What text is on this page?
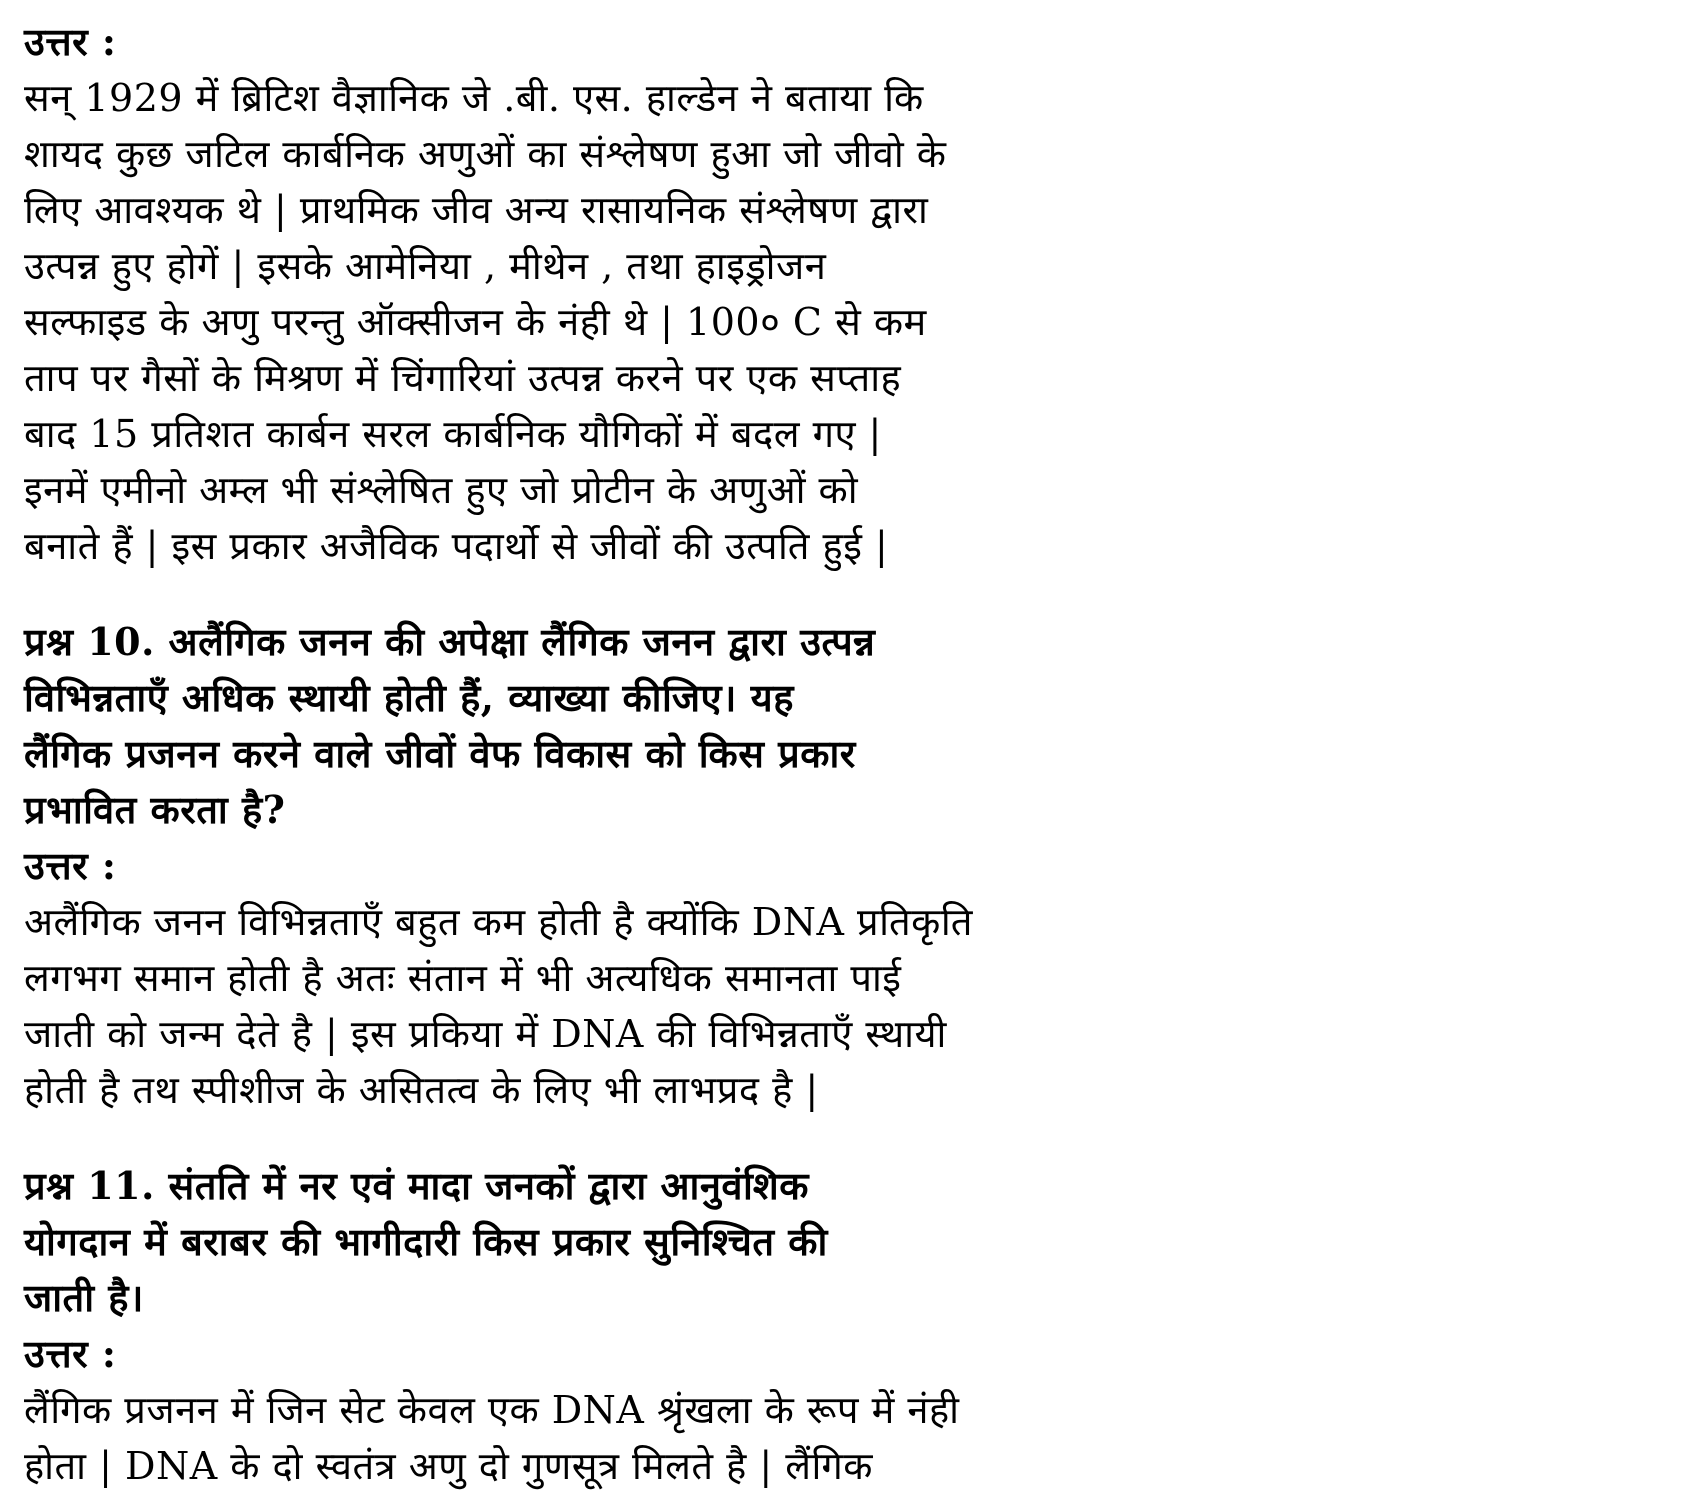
उत्तर :
सन् 1929 में ब्रिटिश वैज्ञानिक जे .बी. एस. हाल्डेन ने बताया कि
शायद कुछ जटिल कार्बनिक अणुओं का संश्लेषण हुआ जो जीवो के
लिए आवश्यक थे | प्राथमिक जीव अन्य रासायनिक संश्लेषण द्वारा
उत्पन्न हुए होगें | इसके आमेनिया , मीथेन , तथा हाइड्रोजन
सल्फाइड के अणु परन्तु ऑक्सीजन के नंही थे | 100० C से कम
ताप पर गैसों के मिश्रण में चिंगारियां उत्पन्न करने पर एक सप्ताह
बाद 15 प्रतिशत कार्बन सरल कार्बनिक यौगिकों में बदल गए |
इनमें एमीनो अम्ल भी संश्लेषित हुए जो प्रोटीन के अणुओं को
बनाते हैं | इस प्रकार अजैविक पदार्थो से जीवों की उत्पति हुई |
प्रश्न 10. अलैंगिक जनन की अपेक्षा लैंगिक जनन द्वारा उत्पन्न
विभिन्नताएँ अधिक स्थायी होती हैं, व्याख्या कीजिए। यह
लैंगिक प्रजनन करने वाले जीवों वेफ विकास को किस प्रकार
प्रभावित करता है?
उत्तर :
अलैंगिक जनन विभिन्नताएँ बहुत कम होती है क्योंकि DNA प्रतिकृति
लगभग समान होती है अतः संतान में भी अत्यधिक समानता पाई
जाती को जन्म देते है | इस प्रकिया में DNA की विभिन्नताएँ स्थायी
होती है तथ स्पीशीज के असितत्व के लिए भी लाभप्रद है |
प्रश्न 11. संतति में नर एवं मादा जनकों द्वारा आनुवंशिक
योगदान में बराबर की भागीदारी किस प्रकार सुनिश्चित की
जाती है।
उत्तर :
लैंगिक प्रजनन में जिन सेट केवल एक DNA श्रृंखला के रूप में नंही
होता | DNA के दो स्वतंत्र अणु दो गुणसूत्र मिलते है | लैंगिक
